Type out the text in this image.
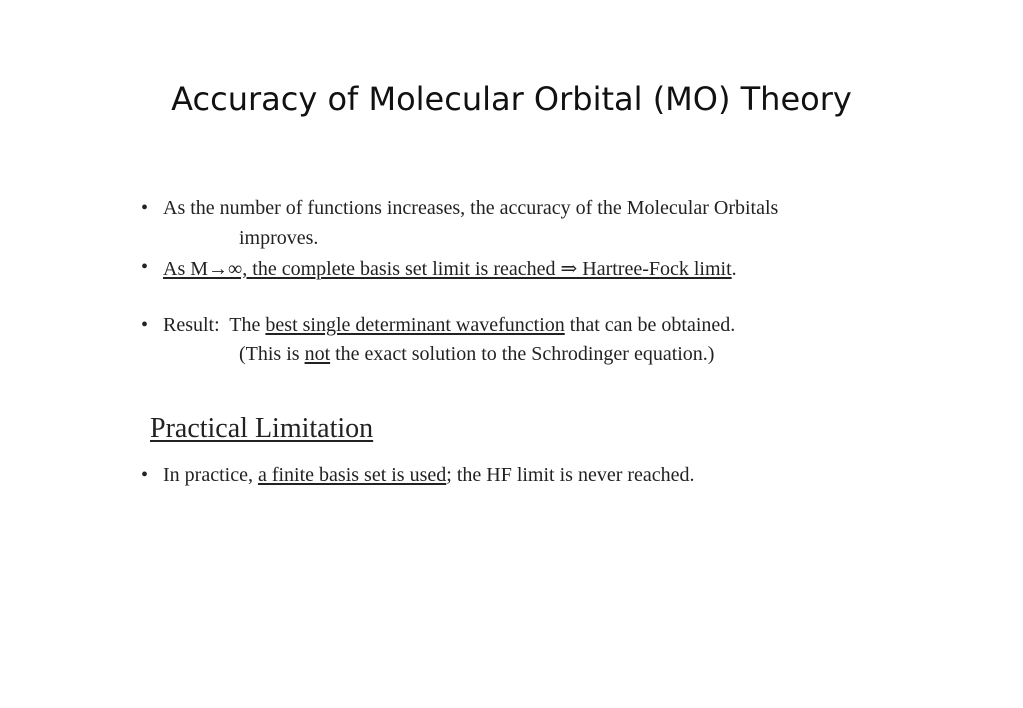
Accuracy of Molecular Orbital (MO) Theory
• As the number of functions increases, the accuracy of the Molecular Orbitals
improves.
• As M→∞, the complete basis set limit is reached ⇒ Hartree-Fock limit.
• Result:  The best single determinant wavefunction that can be obtained.
(This is not the exact solution to the Schrodinger equation.)
Practical Limitation
• In practice, a finite basis set is used; the HF limit is never reached.
